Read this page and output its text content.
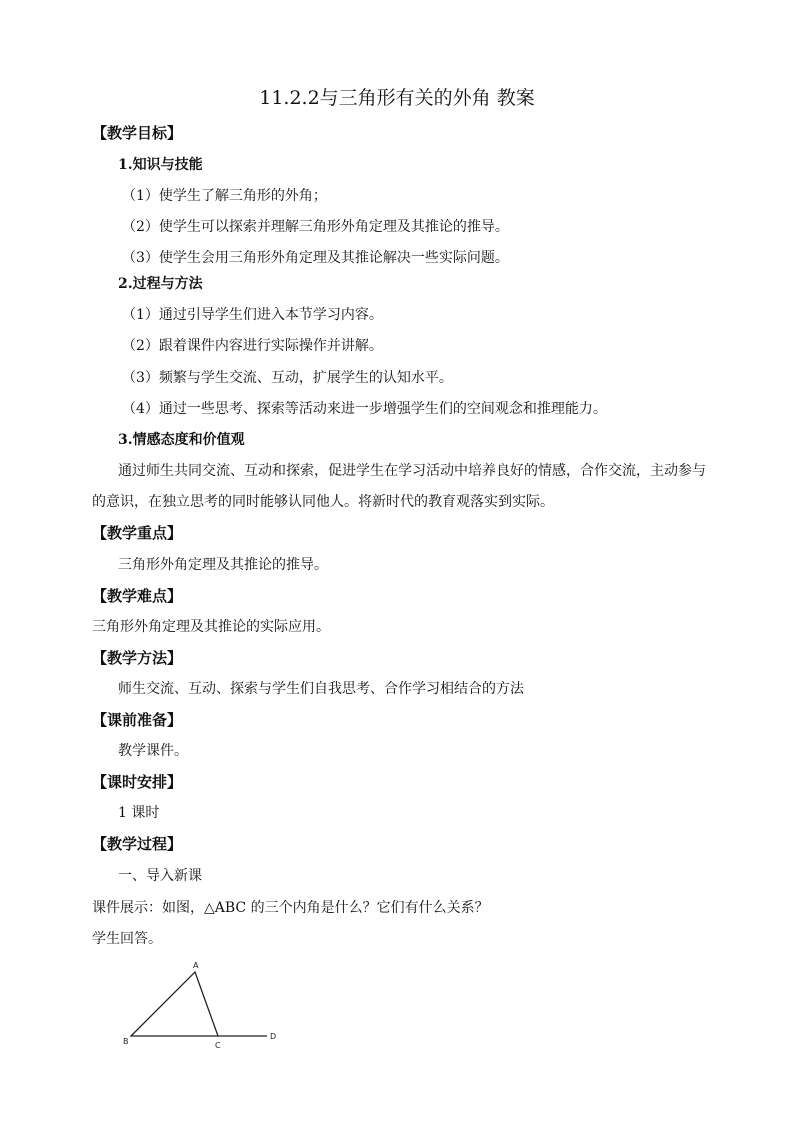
11.2.2与三角形有关的外角 教案
【教学目标】
1.知识与技能
（1）使学生了解三角形的外角；
（2）使学生可以探索并理解三角形外角定理及其推论的推导。
（3）使学生会用三角形外角定理及其推论解决一些实际问题。
2.过程与方法
（1）通过引导学生们进入本节学习内容。
（2）跟着课件内容进行实际操作并讲解。
（3）频繁与学生交流、互动，扩展学生的认知水平。
（4）通过一些思考、探索等活动来进一步增强学生们的空间观念和推理能力。
3.情感态度和价值观
通过师生共同交流、互动和探索，促进学生在学习活动中培养良好的情感，合作交流，主动参与
的意识，在独立思考的同时能够认同他人。将新时代的教育观落实到实际。
【教学重点】
三角形外角定理及其推论的推导。
【教学难点】
三角形外角定理及其推论的实际应用。
【教学方法】
师生交流、互动、探索与学生们自我思考、合作学习相结合的方法
【课前准备】
教学课件。
【课时安排】
1 课时
【教学过程】
一、导入新课
课件展示：如图，△ABC 的三个内角是什么？它们有什么关系？
学生回答。
A
B	C
D
